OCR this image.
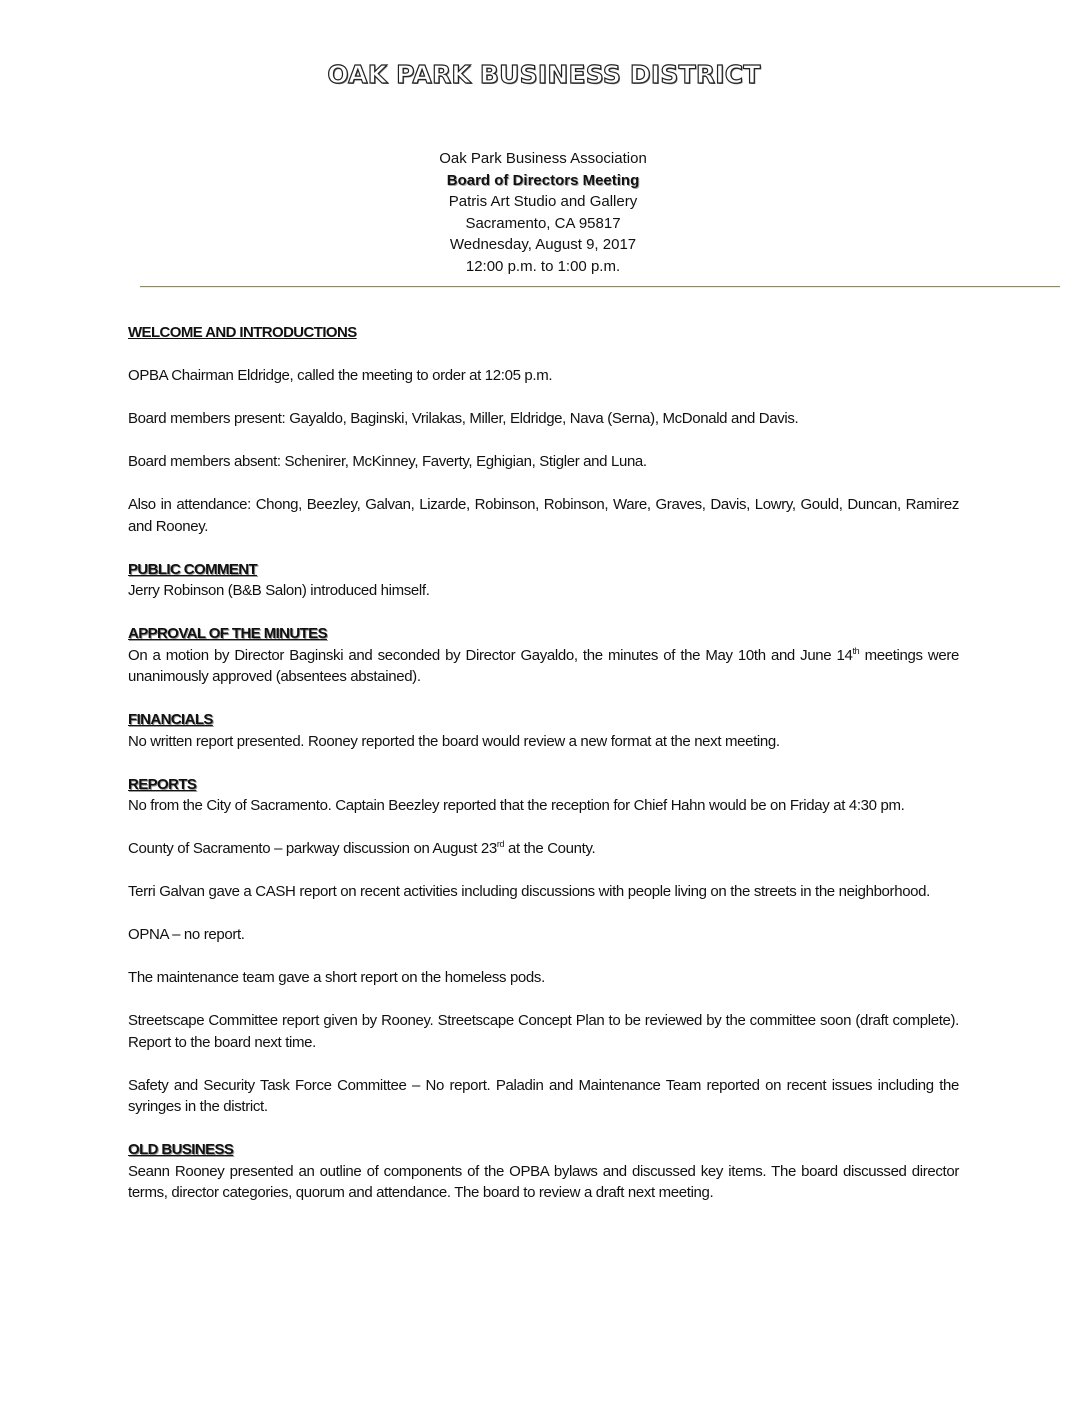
OAK PARK BUSINESS DISTRICT
Oak Park Business Association
Board of Directors Meeting
Patris Art Studio and Gallery
Sacramento, CA 95817
Wednesday, August 9, 2017
12:00 p.m. to 1:00 p.m.
WELCOME AND INTRODUCTIONS

OPBA Chairman Eldridge, called the meeting to order at 12:05 p.m.

Board members present: Gayaldo, Baginski, Vrilakas, Miller, Eldridge, Nava (Serna), McDonald and Davis.

Board members absent: Schenirer, McKinney, Faverty, Eghigian, Stigler and Luna.

Also in attendance: Chong, Beezley, Galvan, Lizarde, Robinson, Robinson, Ware, Graves, Davis, Lowry, Gould, Duncan, Ramirez and Rooney.

PUBLIC COMMENT

Jerry Robinson (B&B Salon) introduced himself.

APPROVAL OF THE MINUTES

On a motion by Director Baginski and seconded by Director Gayaldo, the minutes of the May 10th and June 14th meetings were unanimously approved (absentees abstained).

FINANCIALS

No written report presented. Rooney reported the board would review a new format at the next meeting.

REPORTS

No from the City of Sacramento. Captain Beezley reported that the reception for Chief Hahn would be on Friday at 4:30 pm.

County of Sacramento – parkway discussion on August 23rd at the County.

Terri Galvan gave a CASH report on recent activities including discussions with people living on the streets in the neighborhood.

OPNA – no report.

The maintenance team gave a short report on the homeless pods.

Streetscape Committee report given by Rooney. Streetscape Concept Plan to be reviewed by the committee soon (draft complete). Report to the board next time.

Safety and Security Task Force Committee – No report. Paladin and Maintenance Team reported on recent issues including the syringes in the district.

OLD BUSINESS

Seann Rooney presented an outline of components of the OPBA bylaws and discussed key items. The board discussed director terms, director categories, quorum and attendance. The board to review a draft next meeting.
